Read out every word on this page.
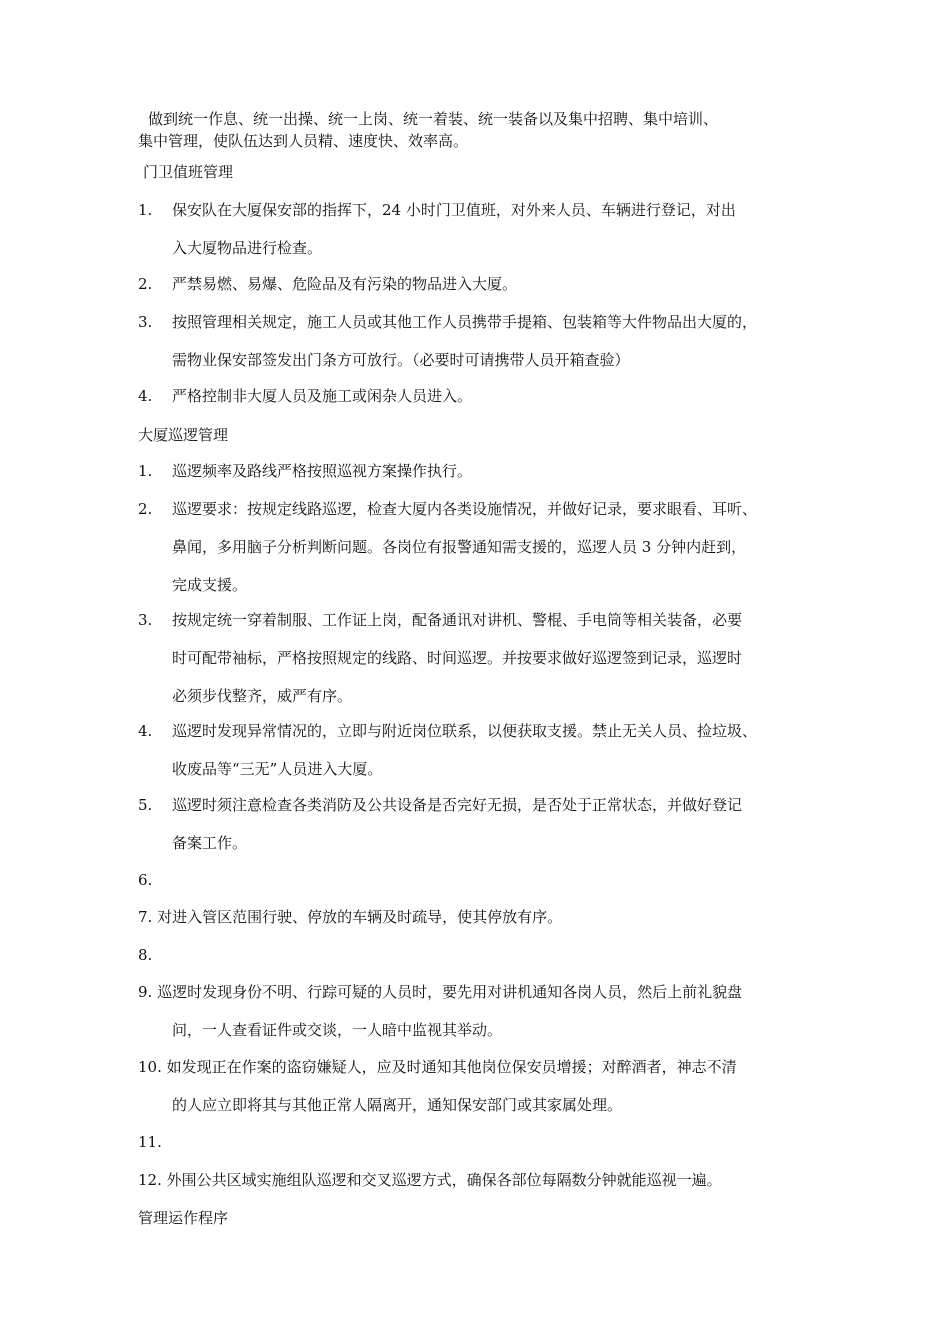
做到统一作息、统一出操、统一上岗、统一着装、统一装备以及集中招聘、集中培训、
集中管理，使队伍达到人员精、速度快、效率高。
门卫值班管理
1.	保安队在大厦保安部的指挥下，24 小时门卫值班，对外来人员、车辆进行登记，对出
入大厦物品进行检查。
2.	严禁易燃、易爆、危险品及有污染的物品进入大厦。
3.	按照管理相关规定，施工人员或其他工作人员携带手提箱、包装箱等大件物品出大厦的，
需物业保安部签发出门条方可放行。（必要时可请携带人员开箱查验）
4.	严格控制非大厦人员及施工或闲杂人员进入。
大厦巡逻管理
1.	巡逻频率及路线严格按照巡视方案操作执行。
2.	巡逻要求：按规定线路巡逻，检查大厦内各类设施情况，并做好记录，要求眼看、耳听、
鼻闻，多用脑子分析判断问题。各岗位有报警通知需支援的，巡逻人员 3 分钟内赶到，
完成支援。
3.	按规定统一穿着制服、工作证上岗，配备通讯对讲机、警棍、手电筒等相关装备，必要
时可配带袖标，严格按照规定的线路、时间巡逻。并按要求做好巡逻签到记录，巡逻时
必须步伐整齐，威严有序。
4.	巡逻时发现异常情况的，立即与附近岗位联系，以便获取支援。禁止无关人员、捡垃圾、
收废品等“三无”人员进入大厦。
5.	巡逻时须注意检查各类消防及公共设备是否完好无损，是否处于正常状态，并做好登记
备案工作。
6.
7. 对进入管区范围行驶、停放的车辆及时疏导，使其停放有序。
8.
9. 巡逻时发现身份不明、行踪可疑的人员时，要先用对讲机通知各岗人员，然后上前礼貌盘
问，一人查看证件或交谈，一人暗中监视其举动。
10. 如发现正在作案的盗窃嫌疑人，应及时通知其他岗位保安员增援；对醉酒者，神志不清
的人应立即将其与其他正常人隔离开，通知保安部门或其家属处理。
11.
12. 外围公共区域实施组队巡逻和交叉巡逻方式，确保各部位每隔数分钟就能巡视一遍。
管理运作程序
